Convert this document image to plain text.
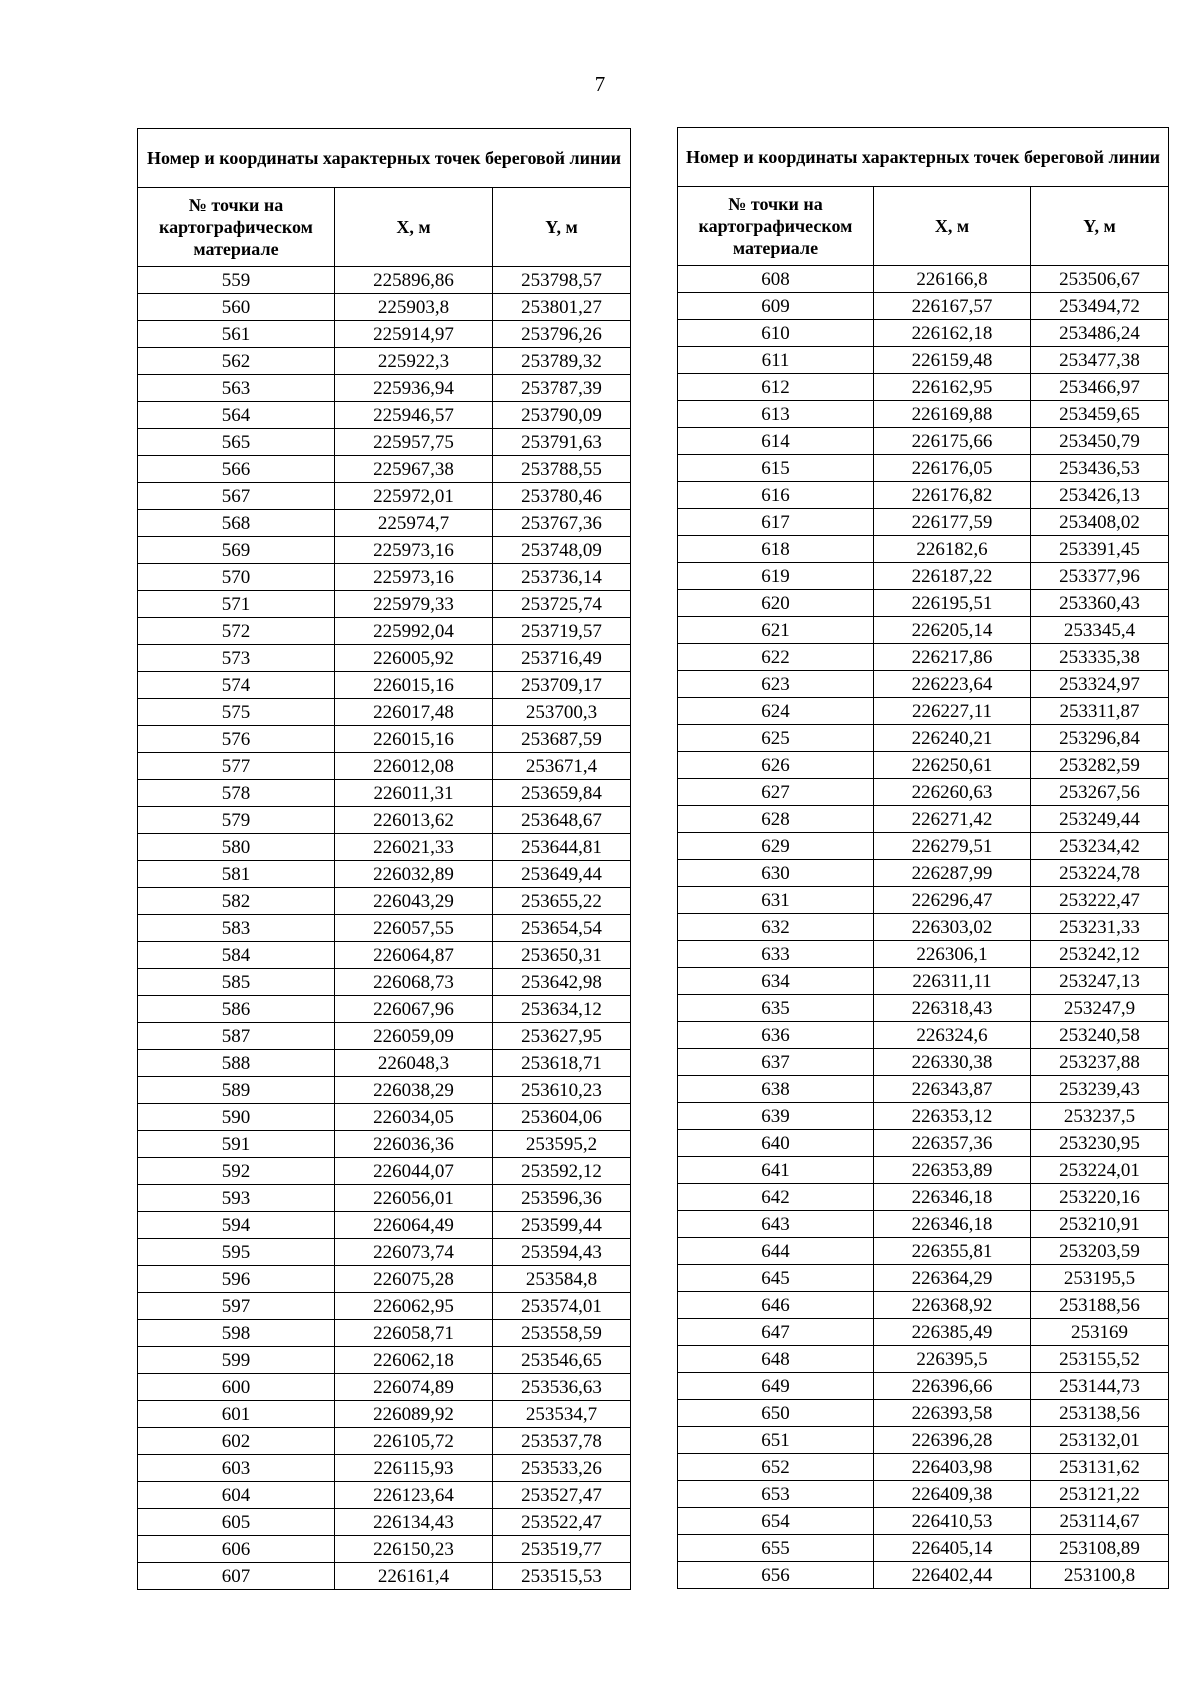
7
Номер и координаты характерных точек береговой линии		
№ точки на картографическом материале	X, м	Y, м
559	225896,86	253798,57
560	225903,8	253801,27
561	225914,97	253796,26
562	225922,3	253789,32
563	225936,94	253787,39
564	225946,57	253790,09
565	225957,75	253791,63
566	225967,38	253788,55
567	225972,01	253780,46
568	225974,7	253767,36
569	225973,16	253748,09
570	225973,16	253736,14
571	225979,33	253725,74
572	225992,04	253719,57
573	226005,92	253716,49
574	226015,16	253709,17
575	226017,48	253700,3
576	226015,16	253687,59
577	226012,08	253671,4
578	226011,31	253659,84
579	226013,62	253648,67
580	226021,33	253644,81
581	226032,89	253649,44
582	226043,29	253655,22
583	226057,55	253654,54
584	226064,87	253650,31
585	226068,73	253642,98
586	226067,96	253634,12
587	226059,09	253627,95
588	226048,3	253618,71
589	226038,29	253610,23
590	226034,05	253604,06
591	226036,36	253595,2
592	226044,07	253592,12
593	226056,01	253596,36
594	226064,49	253599,44
595	226073,74	253594,43
596	226075,28	253584,8
597	226062,95	253574,01
598	226058,71	253558,59
599	226062,18	253546,65
600	226074,89	253536,63
601	226089,92	253534,7
602	226105,72	253537,78
603	226115,93	253533,26
604	226123,64	253527,47
605	226134,43	253522,47
606	226150,23	253519,77
607	226161,4	253515,53
Номер и координаты характерных точек береговой линии		
№ точки на картографическом материале	X, м	Y, м
608	226166,8	253506,67
609	226167,57	253494,72
610	226162,18	253486,24
611	226159,48	253477,38
612	226162,95	253466,97
613	226169,88	253459,65
614	226175,66	253450,79
615	226176,05	253436,53
616	226176,82	253426,13
617	226177,59	253408,02
618	226182,6	253391,45
619	226187,22	253377,96
620	226195,51	253360,43
621	226205,14	253345,4
622	226217,86	253335,38
623	226223,64	253324,97
624	226227,11	253311,87
625	226240,21	253296,84
626	226250,61	253282,59
627	226260,63	253267,56
628	226271,42	253249,44
629	226279,51	253234,42
630	226287,99	253224,78
631	226296,47	253222,47
632	226303,02	253231,33
633	226306,1	253242,12
634	226311,11	253247,13
635	226318,43	253247,9
636	226324,6	253240,58
637	226330,38	253237,88
638	226343,87	253239,43
639	226353,12	253237,5
640	226357,36	253230,95
641	226353,89	253224,01
642	226346,18	253220,16
643	226346,18	253210,91
644	226355,81	253203,59
645	226364,29	253195,5
646	226368,92	253188,56
647	226385,49	253169
648	226395,5	253155,52
649	226396,66	253144,73
650	226393,58	253138,56
651	226396,28	253132,01
652	226403,98	253131,62
653	226409,38	253121,22
654	226410,53	253114,67
655	226405,14	253108,89
656	226402,44	253100,8
